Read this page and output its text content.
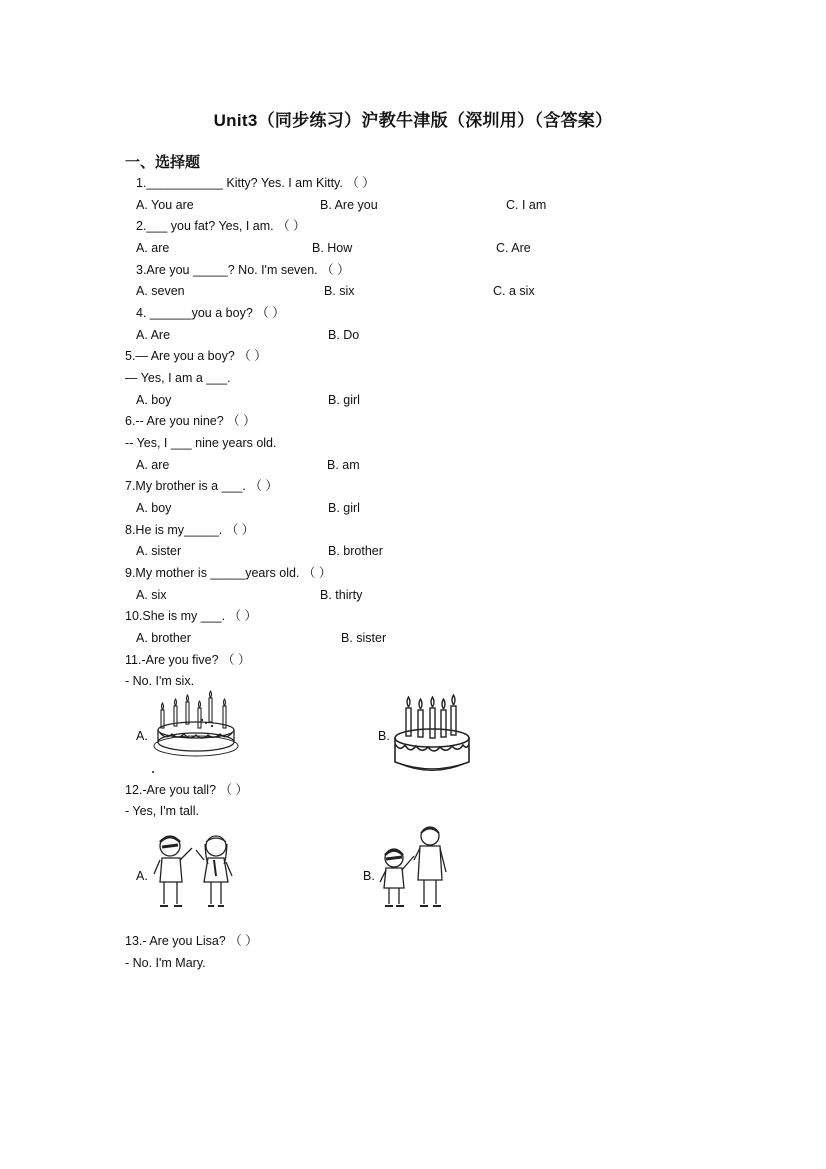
Unit3（同步练习）沪教牛津版（深圳用）（含答案）
一、选择题
1.___________ Kitty? Yes. I am Kitty. （ ）
A. You are	B. Are you	C. I am
2.___ you fat? Yes, I am. （ ）
A. are	B. How	C. Are
3.Are you _____? No. I'm seven. （ ）
A. seven	B. six	C. a six
4. ______you a boy? （ ）
A. Are	B. Do
5.— Are you a boy? （ ）
— Yes, I am a ___.
A. boy	B. girl
6.-- Are you nine? （ ）
-- Yes, I ___ nine years old.
A. are	B. am
7.My brother is a ___. （ ）
A. boy	B. girl
8.He is my_____. （ ）
A. sister	B. brother
9.My mother is _____years old. （ ）
A. six	B. thirty
10.She is my ___. （ ）
A. brother	B. sister
11.-Are you five? （ ）
- No. I'm six.
A.	B.
12.-Are you tall? （ ）
- Yes, I'm tall.
A.	B.
13.- Are you Lisa? （ ）
- No. I'm Mary.
